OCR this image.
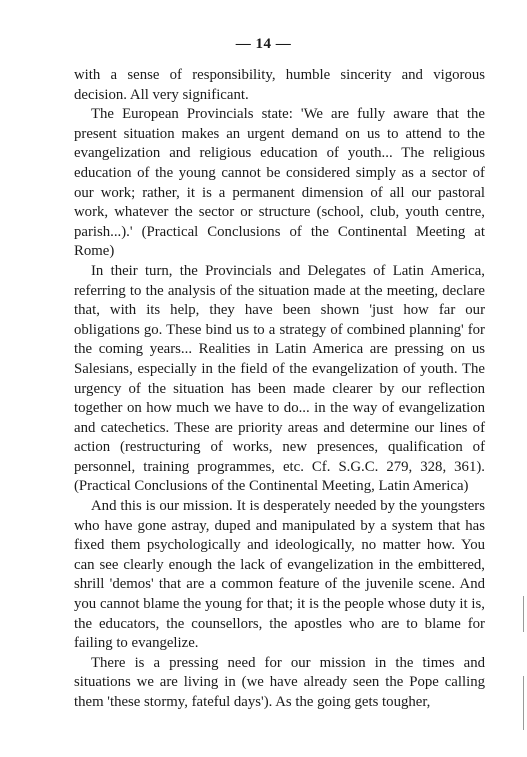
— 14 —

with a sense of responsibility, humble sincerity and vigorous decision. All very significant.

The European Provincials state: 'We are fully aware that the present situation makes an urgent demand on us to attend to the evangelization and religious education of youth... The religious education of the young cannot be considered simply as a sector of our work; rather, it is a permanent dimension of all our pastoral work, whatever the sector or structure (school, club, youth centre, parish...).' (Practical Conclusions of the Continental Meeting at Rome)

In their turn, the Provincials and Delegates of Latin America, referring to the analysis of the situation made at the meeting, declare that, with its help, they have been shown 'just how far our obligations go. These bind us to a strategy of combined planning' for the coming years... Realities in Latin America are pressing on us Salesians, especially in the field of the evangelization of youth. The urgency of the situation has been made clearer by our reflection together on how much we have to do... in the way of evangelization and catechetics. These are priority areas and determine our lines of action (restructuring of works, new presences, qualification of personnel, training programmes, etc. Cf. S.G.C. 279, 328, 361). (Practical Conclusions of the Continental Meeting, Latin America)

And this is our mission. It is desperately needed by the youngsters who have gone astray, duped and manipulated by a system that has fixed them psychologically and ideologically, no matter how. You can see clearly enough the lack of evangelization in the embittered, shrill 'demos' that are a common feature of the juvenile scene. And you cannot blame the young for that; it is the people whose duty it is, the educators, the counsellors, the apostles who are to blame for failing to evangelize.

There is a pressing need for our mission in the times and situations we are living in (we have already seen the Pope calling them 'these stormy, fateful days'). As the going gets tougher,
